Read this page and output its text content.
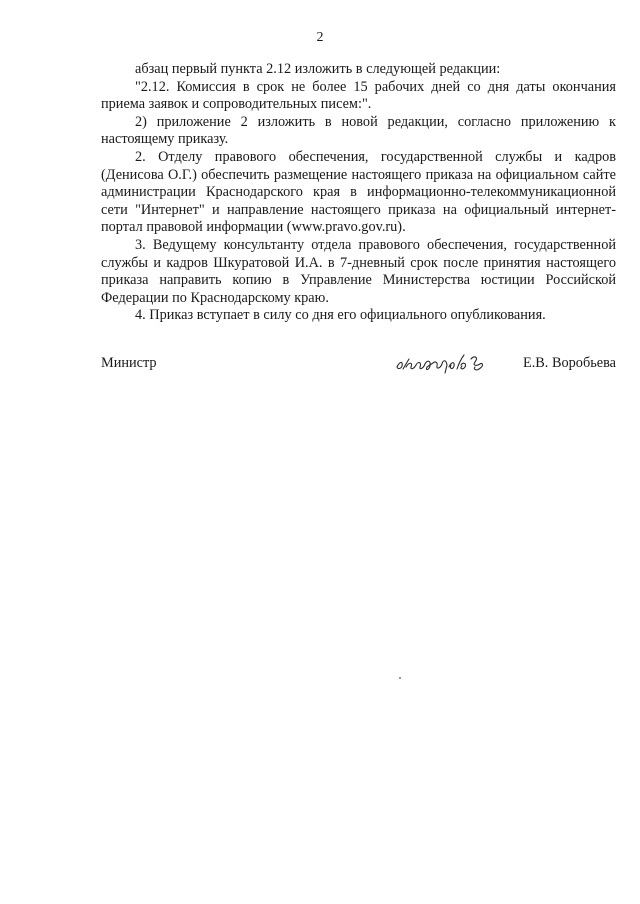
2

абзац первый пункта 2.12 изложить в следующей редакции:

"2.12. Комиссия в срок не более 15 рабочих дней со дня даты окончания приема заявок и сопроводительных писем:".

2) приложение 2 изложить в новой редакции, согласно приложению к настоящему приказу.

2. Отделу правового обеспечения, государственной службы и кадров (Денисова О.Г.) обеспечить размещение настоящего приказа на официальном сайте администрации Краснодарского края в информационно-телекоммуникационной сети "Интернет" и направление настоящего приказа на официальный интернет-портал правовой информации (www.pravo.gov.ru).

3. Ведущему консультанту отдела правового обеспечения, государственной службы и кадров Шкуратовой И.А. в 7-дневный срок после принятия настоящего приказа направить копию в Управление Министерства юстиции Российской Федерации по Краснодарскому краю.

4. Приказ вступает в силу со дня его официального опубликования.

Министр	Е.В. Воробьева
